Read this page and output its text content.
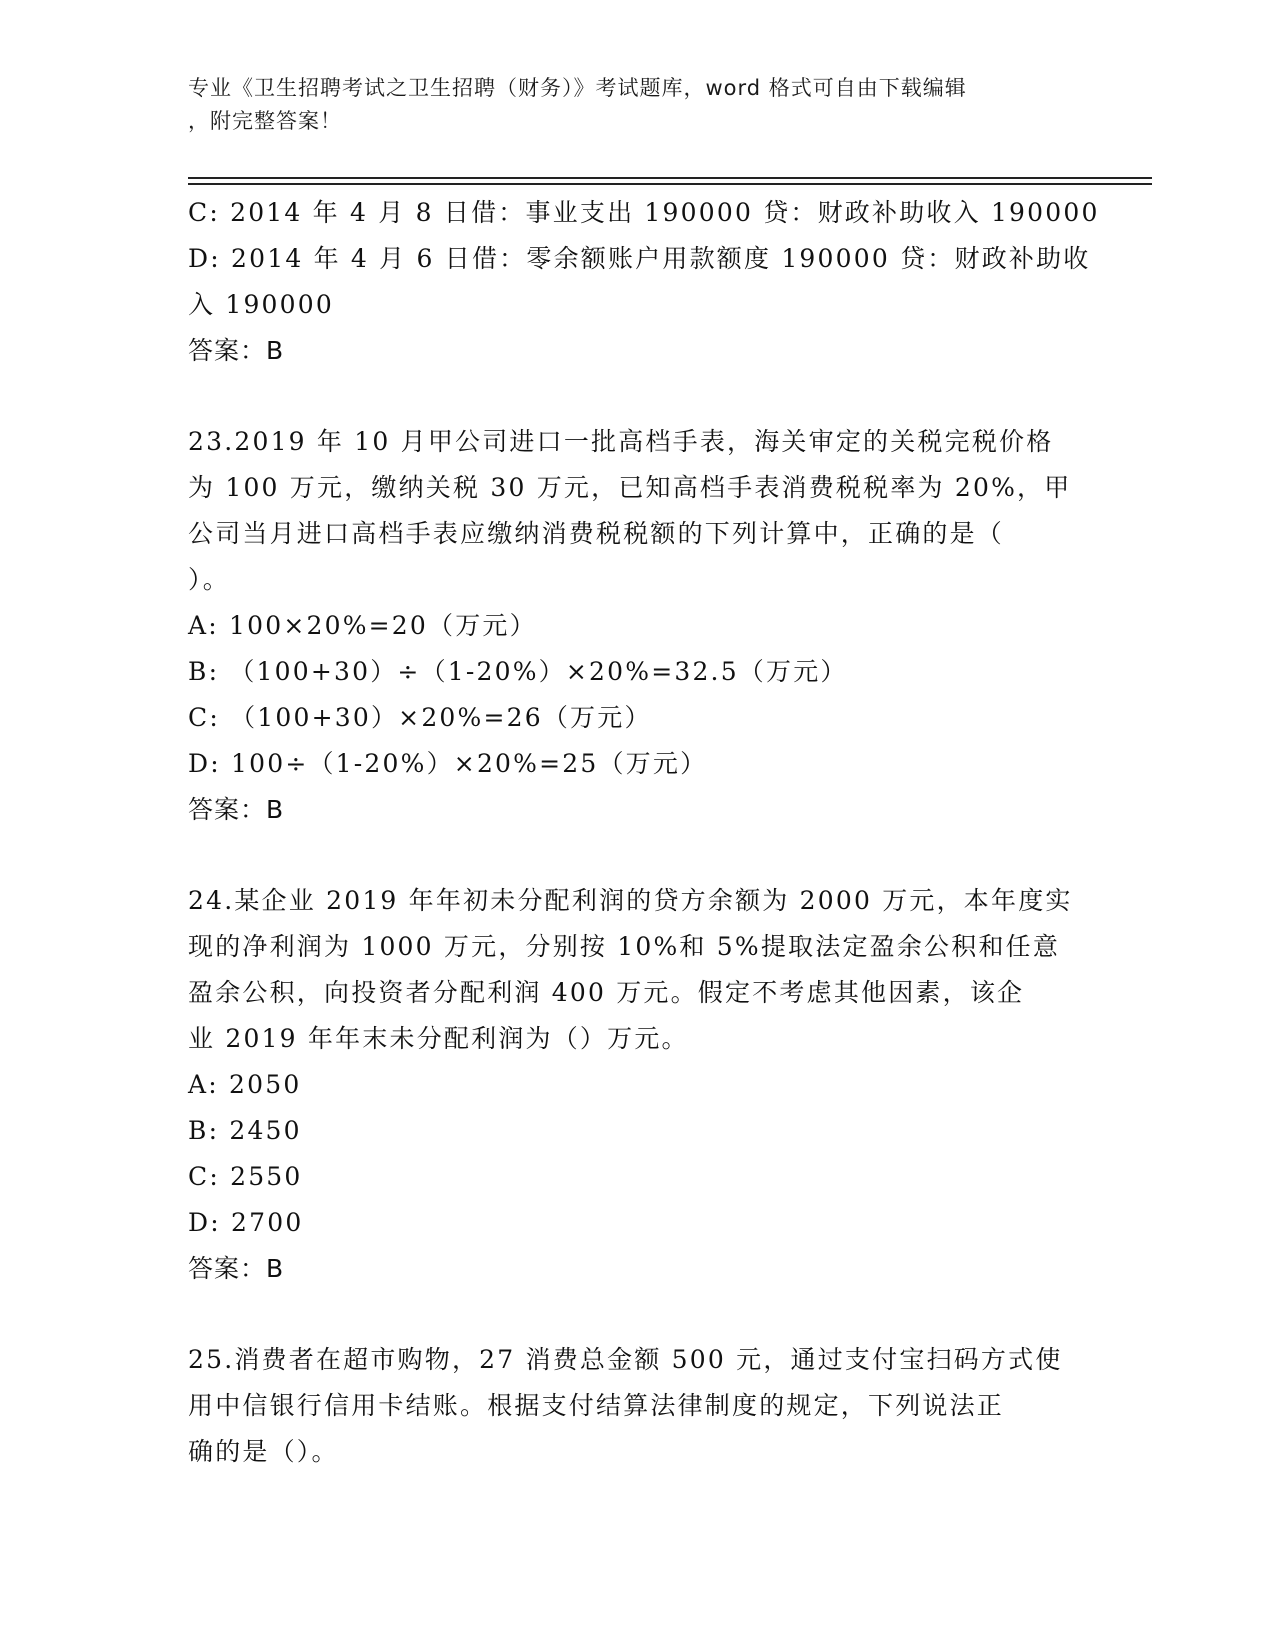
专业《卫生招聘考试之卫生招聘（财务）》考试题库，word 格式可自由下载编辑
，附完整答案！

C: 2014 年 4 月 8 日借：事业支出 190000 贷：财政补助收入 190000

D: 2014 年 4 月 6 日借：零余额账户用款额度 190000 贷：财政补助收

入 190000

答案：B

23.2019 年 10 月甲公司进口一批高档手表，海关审定的关税完税价格

为 100 万元，缴纳关税 30 万元，已知高档手表消费税税率为 20%，甲

公司当月进口高档手表应缴纳消费税税额的下列计算中，正确的是（

）。

A: 100×20%=20（万元）

B: （100+30）÷（1-20%）×20%=32.5（万元）

C: （100+30）×20%=26（万元）

D: 100÷（1-20%）×20%=25（万元）

答案：B

24.某企业 2019 年年初未分配利润的贷方余额为 2000 万元，本年度实

现的净利润为 1000 万元，分别按 10%和 5%提取法定盈余公积和任意

盈余公积，向投资者分配利润 400 万元。假定不考虑其他因素，该企

业 2019 年年末未分配利润为（）万元。

A: 2050

B: 2450

C: 2550

D: 2700

答案：B

25.消费者在超市购物，27 消费总金额 500 元，通过支付宝扫码方式使

用中信银行信用卡结账。根据支付结算法律制度的规定，下列说法正

确的是（）。
